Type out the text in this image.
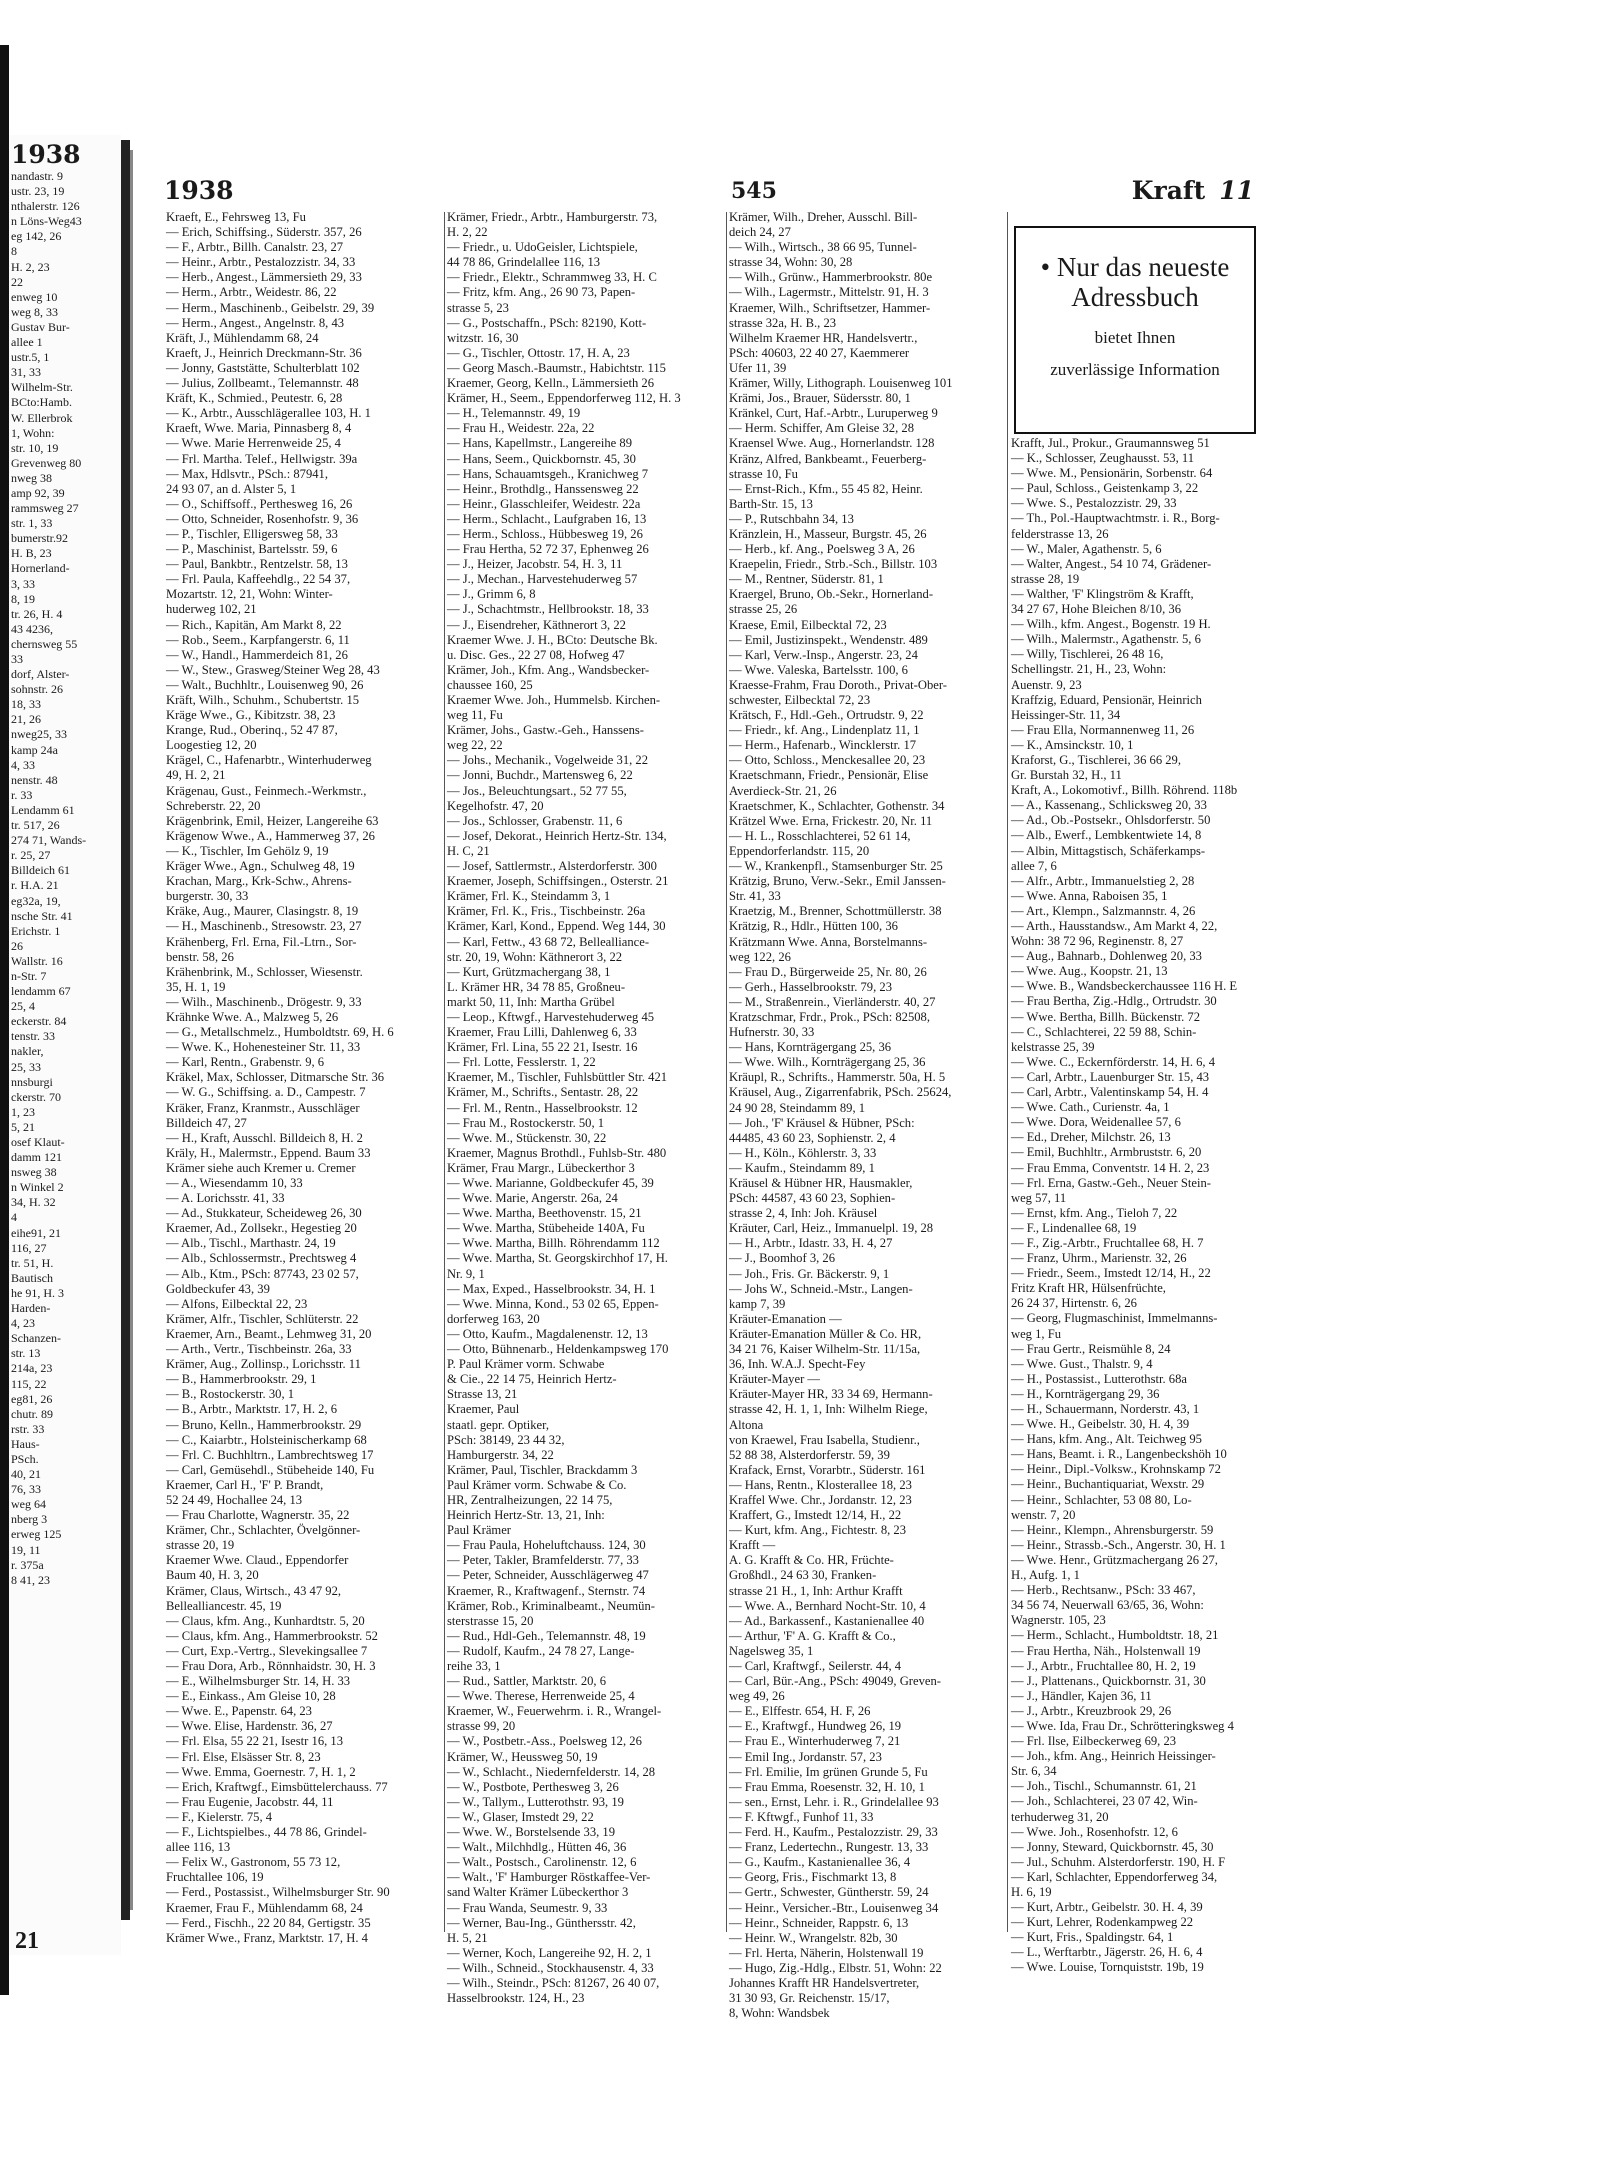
1938
nandastr. 9
ustr. 23, 19
nthalerstr. 126
n Löns-Weg43
eg 142, 26
8
H. 2, 23
22
enweg 10
weg 8, 33
Gustav Bur-
allee 1
ustr.5, 1
31, 33
Wilhelm-Str.
BCto:Hamb.
W. Ellerbrok
1, Wohn:
str. 10, 19
Grevenweg 80
nweg 38
amp 92, 39
rammsweg 27
str. 1, 33
bumerstr.92
H. B, 23
Hornerland-
3, 33
8, 19
tr. 26, H. 4
43 4236,
chernsweg 55
33
dorf, Alster-
sohnstr. 26
18, 33
21, 26
nweg25, 33
kamp 24a
4, 33
nenstr. 48
r. 33
Lendamm 61
tr. 517, 26
274 71, Wands-
r. 25, 27
Billdeich 61
r. H.A. 21
eg32a, 19,
nsche Str. 41
Erichstr. 1
26
Wallstr. 16
n-Str. 7
lendamm 67
25, 4
eckerstr. 84
tenstr. 33
nakler,
25, 33
nnsburgi
ckerstr. 70
1, 23
5, 21
osef Klaut-
damm 121
nsweg 38
n Winkel 2
34, H. 32
4
eihe91, 21
116, 27
tr. 51, H.
Bautisch
he 91, H. 3
Harden-
4, 23
Schanzen-
str. 13
214a, 23
115, 22
eg81, 26
chutr. 89
rstr. 33
Haus-
PSch.
40, 21
76, 33
weg 64
nberg 3
erweg 125
19, 11
r. 375a
8 41, 23
21
1938	545	Kraft 11
Kraeft, E., Fehrsweg 13, Fu
— Erich, Schiffsing., Süderstr. 357, 26
— F., Arbtr., Billh. Canalstr. 23, 27
— Heinr., Arbtr., Pestalozzistr. 34, 33
— Herb., Angest., Lämmersieth 29, 33
— Herm., Arbtr., Weidestr. 86, 22
— Herm., Maschinenb., Geibelstr. 29, 39
— Herm., Angest., Angelnstr. 8, 43
Kräft, J., Mühlendamm 68, 24
Kraeft, J., Heinrich Dreckmann-Str. 36
— Jonny, Gaststätte, Schulterblatt 102
— Julius, Zollbeamt., Telemannstr. 48
Kräft, K., Schmied., Peutestr. 6, 28
— K., Arbtr., Ausschlägerallee 103, H. 1
Kraeft, Wwe. Maria, Pinnasberg 8, 4
— Wwe. Marie Herrenweide 25, 4
— Frl. Martha. Telef., Hellwigstr. 39a
— Max, Hdlsvtr., PSch.: 87941,
24 93 07, an d. Alster 5, 1
— O., Schiffsoff., Perthesweg 16, 26
— Otto, Schneider, Rosenhofstr. 9, 36
— P., Tischler, Elligersweg 58, 33
— P., Maschinist, Bartelsstr. 59, 6
— Paul, Bankbtr., Rentzelstr. 58, 13
— Frl. Paula, Kaffeehdlg., 22 54 37,
Mozartstr. 12, 21, Wohn: Winter-
huderweg 102, 21
— Rich., Kapitän, Am Markt 8, 22
— Rob., Seem., Karpfangerstr. 6, 11
— W., Handl., Hammerdeich 81, 26
— W., Stew., Grasweg/Steiner Weg 28, 43
— Walt., Buchhltr., Louisenweg 90, 26
Kräft, Wilh., Schuhm., Schubertstr. 15
Kräge Wwe., G., Kibitzstr. 38, 23
Krange, Rud., Oberinq., 52 47 87,
Loogestieg 12, 20
Krägel, C., Hafenarbtr., Winterhuderweg
49, H. 2, 21
Krägenau, Gust., Feinmech.-Werkmstr.,
Schreberstr. 22, 20
Krägenbrink, Emil, Heizer, Langereihe 63
Krägenow Wwe., A., Hammerweg 37, 26
— K., Tischler, Im Gehölz 9, 19
Kräger Wwe., Agn., Schulweg 48, 19
Krachan, Marg., Krk-Schw., Ahrens-
burgerstr. 30, 33
Kräke, Aug., Maurer, Clasingstr. 8, 19
— H., Maschinenb., Stresowstr. 23, 27
Krähenberg, Frl. Erna, Fil.-Ltrn., Sor-
benstr. 58, 26
Krähenbrink, M., Schlosser, Wiesenstr.
35, H. 1, 19
— Wilh., Maschinenb., Drögestr. 9, 33
Krähnke Wwe. A., Malzweg 5, 26
— G., Metallschmelz., Humboldtstr. 69, H. 6
— Wwe. K., Hohenesteiner Str. 11, 33
— Karl, Rentn., Grabenstr. 9, 6
Kräkel, Max, Schlosser, Ditmarsche Str. 36
— W. G., Schiffsing. a. D., Campestr. 7
Kräker, Franz, Kranmstr., Ausschläger
Billdeich 47, 27
— H., Kraft, Ausschl. Billdeich 8, H. 2
Kräly, H., Malermstr., Eppend. Baum 33
Krämer siehe auch Kremer u. Cremer
— A., Wiesendamm 10, 33
— A. Lorichsstr. 41, 33
— Ad., Stukkateur, Scheideweg 26, 30
Kraemer, Ad., Zollsekr., Hegestieg 20
— Alb., Tischl., Marthastr. 24, 19
— Alb., Schlossermstr., Prechtsweg 4
— Alb., Ktm., PSch: 87743, 23 02 57,
Goldbeckufer 43, 39
— Alfons, Eilbecktal 22, 23
Krämer, Alfr., Tischler, Schlüterstr. 22
Kraemer, Arn., Beamt., Lehmweg 31, 20
— Arth., Vertr., Tischbeinstr. 26a, 33
Krämer, Aug., Zollinsp., Lorichsstr. 11
— B., Hammerbrookstr. 29, 1
— B., Rostockerstr. 30, 1
— B., Arbtr., Marktstr. 17, H. 2, 6
— Bruno, Kelln., Hammerbrookstr. 29
— C., Kaiarbtr., Holsteinischerkamp 68
— Frl. C. Buchhltrn., Lambrechtsweg 17
— Carl, Gemüsehdl., Stübeheide 140, Fu
Kraemer, Carl H., 'F' P. Brandt,
52 24 49, Hochallee 24, 13
— Frau Charlotte, Wagnerstr. 35, 22
Krämer, Chr., Schlachter, Övelgönner-
strasse 20, 19
Kraemer Wwe. Claud., Eppendorfer
Baum 40, H. 3, 20
Krämer, Claus, Wirtsch., 43 47 92,
Bellealliancestr. 45, 19
— Claus, kfm. Ang., Kunhardtstr. 5, 20
— Claus, kfm. Ang., Hammerbrookstr. 52
— Curt, Exp.-Vertrg., Slevekingsallee 7
— Frau Dora, Arb., Rönnhaidstr. 30, H. 3
— E., Wilhelmsburger Str. 14, H. 33
— E., Einkass., Am Gleise 10, 28
— Wwe. E., Papenstr. 64, 23
— Wwe. Elise, Hardenstr. 36, 27
— Frl. Elsa, 55 22 21, Isestr 16, 13
— Frl. Else, Elsässer Str. 8, 23
— Wwe. Emma, Goernestr. 7, H. 1, 2
— Erich, Kraftwgf., Eimsbüttelerchauss. 77
— Frau Eugenie, Jacobstr. 44, 11
— F., Kielerstr. 75, 4
— F., Lichtspielbes., 44 78 86, Grindel-
allee 116, 13
— Felix W., Gastronom, 55 73 12,
Fruchtallee 106, 19
— Ferd., Postassist., Wilhelmsburger Str. 90
Kraemer, Frau F., Mühlendamm 68, 24
— Ferd., Fischh., 22 20 84, Gertigstr. 35
Krämer Wwe., Franz, Marktstr. 17, H. 4
Krämer, Friedr., Arbtr., Hamburgerstr. 73,
H. 2, 22
— Friedr., u. UdoGeisler, Lichtspiele,
44 78 86, Grindelallee 116, 13
— Friedr., Elektr., Schrammweg 33, H. C
— Fritz, kfm. Ang., 26 90 73, Papen-
strasse 5, 23
— G., Postschaffn., PSch: 82190, Kott-
witzstr. 16, 30
— G., Tischler, Ottostr. 17, H. A, 23
— Georg Masch.-Baumstr., Habichtstr. 115
Kraemer, Georg, Kelln., Lämmersieth 26
Krämer, H., Seem., Eppendorferweg 112, H. 3
— H., Telemannstr. 49, 19
— Frau H., Weidestr. 22a, 22
— Hans, Kapellmstr., Langereihe 89
— Hans, Seem., Quickbornstr. 45, 30
— Hans, Schauamtsgeh., Kranichweg 7
— Heinr., Brothdlg., Hanssensweg 22
— Heinr., Glasschleifer, Weidestr. 22a
— Herm., Schlacht., Laufgraben 16, 13
— Herm., Schloss., Hübbesweg 19, 26
— Frau Hertha, 52 72 37, Ephenweg 26
— J., Heizer, Jacobstr. 54, H. 3, 11
— J., Mechan., Harvestehuderweg 57
— J., Grimm 6, 8
— J., Schachtmstr., Hellbrookstr. 18, 33
— J., Eisendreher, Käthnerort 3, 22
Kraemer Wwe. J. H., BCto: Deutsche Bk.
u. Disc. Ges., 22 27 08, Hofweg 47
Krämer, Joh., Kfm. Ang., Wandsbecker-
chaussee 160, 25
Kraemer Wwe. Joh., Hummelsb. Kirchen-
weg 11, Fu
Krämer, Johs., Gastw.-Geh., Hanssens-
weg 22, 22
— Johs., Mechanik., Vogelweide 31, 22
— Jonni, Buchdr., Martensweg 6, 22
— Jos., Beleuchtungsart., 52 77 55,
Kegelhofstr. 47, 20
— Jos., Schlosser, Grabenstr. 11, 6
— Josef, Dekorat., Heinrich Hertz-Str. 134,
H. C, 21
— Josef, Sattlermstr., Alsterdorferstr. 300
Kraemer, Joseph, Schiffsingen., Osterstr. 21
Krämer, Frl. K., Steindamm 3, 1
Krämer, Frl. K., Fris., Tischbeinstr. 26a
Krämer, Karl, Kond., Eppend. Weg 144, 30
— Karl, Fettw., 43 68 72, Bellealliance-
str. 20, 19, Wohn: Käthnerort 3, 22
— Kurt, Grützmachergang 38, 1
L. Krämer HR, 34 78 85, Großneu-
markt 50, 11, Inh: Martha Grübel
— Leop., Kftwgf., Harvestehuderweg 45
Kraemer, Frau Lilli, Dahlenweg 6, 33
Krämer, Frl. Lina, 55 22 21, Isestr. 16
— Frl. Lotte, Fesslerstr. 1, 22
Kraemer, M., Tischler, Fuhlsbüttler Str. 421
Krämer, M., Schrifts., Sentastr. 28, 22
— Frl. M., Rentn., Hasselbrookstr. 12
— Frau M., Rostockerstr. 50, 1
— Wwe. M., Stückenstr. 30, 22
Kraemer, Magnus Brothdl., Fuhlsb-Str. 480
Krämer, Frau Margr., Lübeckerthor 3
— Wwe. Marianne, Goldbeckufer 45, 39
— Wwe. Marie, Angerstr. 26a, 24
— Wwe. Martha, Beethovenstr. 15, 21
— Wwe. Martha, Stübeheide 140A, Fu
— Wwe. Martha, Billh. Röhrendamm 112
— Wwe. Martha, St. Georgskirchhof 17, H.
Nr. 9, 1
— Max, Exped., Hasselbrookstr. 34, H. 1
— Wwe. Minna, Kond., 53 02 65, Eppen-
dorferweg 163, 20
— Otto, Kaufm., Magdalenenstr. 12, 13
— Otto, Bühnenarb., Heldenkampsweg 170
P. Paul Krämer vorm. Schwabe
& Cie., 22 14 75, Heinrich Hertz-
Strasse 13, 21
Kraemer, Paul
staatl. gepr. Optiker,
PSch: 38149, 23 44 32,
Hamburgerstr. 34, 22
Krämer, Paul, Tischler, Brackdamm 3
Paul Krämer vorm. Schwabe & Co.
HR, Zentralheizungen, 22 14 75,
Heinrich Hertz-Str. 13, 21, Inh:
Paul Krämer
— Frau Paula, Hoheluftchauss. 124, 30
— Peter, Takler, Bramfelderstr. 77, 33
— Peter, Schneider, Ausschlägerweg 47
Kraemer, R., Kraftwagenf., Sternstr. 74
Krämer, Rob., Kriminalbeamt., Neumün-
sterstrasse 15, 20
— Rud., Hdl-Geh., Telemannstr. 48, 19
— Rudolf, Kaufm., 24 78 27, Lange-
reihe 33, 1
— Rud., Sattler, Marktstr. 20, 6
— Wwe. Therese, Herrenweide 25, 4
Kraemer, W., Feuerwehrm. i. R., Wrangel-
strasse 99, 20
— W., Postbetr.-Ass., Poelsweg 12, 26
Krämer, W., Heussweg 50, 19
— W., Schlacht., Niedernfelderstr. 14, 28
— W., Postbote, Perthesweg 3, 26
— W., Tallym., Lutterothstr. 93, 19
— W., Glaser, Imstedt 29, 22
— Wwe. W., Borstelsende 33, 19
— Walt., Milchhdlg., Hütten 46, 36
— Walt., Postsch., Carolinenstr. 12, 6
— Walt., 'F' Hamburger Röstkaffee-Ver-
sand Walter Krämer Lübeckerthor 3
— Frau Wanda, Seumestr. 9, 33
— Werner, Bau-Ing., Günthersstr. 42,
H. 5, 21
— Werner, Koch, Langereihe 92, H. 2, 1
— Wilh., Schneid., Stockhausenstr. 4, 33
— Wilh., Steindr., PSch: 81267, 26 40 07,
Hasselbrookstr. 124, H., 23
Krämer, Wilh., Dreher, Ausschl. Bill-
deich 24, 27
— Wilh., Wirtsch., 38 66 95, Tunnel-
strasse 34, Wohn: 30, 28
— Wilh., Grünw., Hammerbrookstr. 80e
— Wilh., Lagermstr., Mittelstr. 91, H. 3
Kraemer, Wilh., Schriftsetzer, Hammer-
strasse 32a, H. B., 23
Wilhelm Kraemer HR, Handelsvertr.,
PSch: 40603, 22 40 27, Kaemmerer
Ufer 11, 39
Krämer, Willy, Lithograph. Louisenweg 101
Krämi, Jos., Brauer, Südersstr. 80, 1
Kränkel, Curt, Haf.-Arbtr., Luruperweg 9
— Herm. Schiffer, Am Gleise 32, 28
Kraensel Wwe. Aug., Hornerlandstr. 128
Kränz, Alfred, Bankbeamt., Feuerberg-
strasse 10, Fu
— Ernst-Rich., Kfm., 55 45 82, Heinr.
Barth-Str. 15, 13
— P., Rutschbahn 34, 13
Kränzlein, H., Masseur, Burgstr. 45, 26
— Herb., kf. Ang., Poelsweg 3 A, 26
Kraepelin, Friedr., Strb.-Sch., Billstr. 103
— M., Rentner, Süderstr. 81, 1
Kraergel, Bruno, Ob.-Sekr., Hornerland-
strasse 25, 26
Kraese, Emil, Eilbecktal 72, 23
— Emil, Justizinspekt., Wendenstr. 489
— Karl, Verw.-Insp., Angerstr. 23, 24
— Wwe. Valeska, Bartelsstr. 100, 6
Kraesse-Frahm, Frau Doroth., Privat-Ober-
schwester, Eilbecktal 72, 23
Krätsch, F., Hdl.-Geh., Ortrudstr. 9, 22
— Friedr., kf. Ang., Lindenplatz 11, 1
— Herm., Hafenarb., Wincklerstr. 17
— Otto, Schloss., Menckesallee 20, 23
Kraetschmann, Friedr., Pensionär, Elise
Averdieck-Str. 21, 26
Kraetschmer, K., Schlachter, Gothenstr. 34
Krätzel Wwe. Erna, Frickestr. 20, Nr. 11
— H. L., Rosschlachterei, 52 61 14,
Eppendorferlandstr. 115, 20
— W., Krankenpfl., Stamsenburger Str. 25
Krätzig, Bruno, Verw.-Sekr., Emil Janssen-
Str. 41, 33
Kraetzig, M., Brenner, Schottmüllerstr. 38
Krätzig, R., Hdlr., Hütten 100, 36
Krätzmann Wwe. Anna, Borstelmanns-
weg 122, 26
— Frau D., Bürgerweide 25, Nr. 80, 26
— Gerh., Hasselbrookstr. 79, 23
— M., Straßenrein., Vierländerstr. 40, 27
Kratzschmar, Frdr., Prok., PSch: 82508,
Hufnerstr. 30, 33
— Hans, Kornträgergang 25, 36
— Wwe. Wilh., Kornträgergang 25, 36
Kräupl, R., Schrifts., Hammerstr. 50a, H. 5
Kräusel, Aug., Zigarrenfabrik, PSch. 25624,
24 90 28, Steindamm 89, 1
— Joh., 'F' Kräusel & Hübner, PSch:
44485, 43 60 23, Sophienstr. 2, 4
— H., Köln., Köhlerstr. 3, 33
— Kaufm., Steindamm 89, 1
Kräusel & Hübner HR, Hausmakler,
PSch: 44587, 43 60 23, Sophien-
strasse 2, 4, Inh: Joh. Kräusel
Kräuter, Carl, Heiz., Immanuelpl. 19, 28
— H., Arbtr., Idastr. 33, H. 4, 27
— J., Boomhof 3, 26
— Joh., Fris. Gr. Bäckerstr. 9, 1
— Johs W., Schneid.-Mstr., Langen-
kamp 7, 39
Kräuter-Emanation —
Kräuter-Emanation Müller & Co. HR,
34 21 76, Kaiser Wilhelm-Str. 11/15a,
36, Inh. W.A.J. Specht-Fey
Kräuter-Mayer —
Kräuter-Mayer HR, 33 34 69, Hermann-
strasse 42, H. 1, 1, Inh: Wilhelm Riege,
Altona
von Kraewel, Frau Isabella, Studienr.,
52 88 38, Alsterdorferstr. 59, 39
Krafack, Ernst, Vorarbtr., Süderstr. 161
— Hans, Rentn., Klosterallee 18, 23
Kraffel Wwe. Chr., Jordanstr. 12, 23
Kraffert, G., Imstedt 12/14, H., 22
— Kurt, kfm. Ang., Fichtestr. 8, 23
Krafft —
A. G. Krafft & Co. HR, Früchte-
Großhdl., 24 63 30, Franken-
strasse 21 H., 1, Inh: Arthur Krafft
— Wwe. A., Bernhard Nocht-Str. 10, 4
— Ad., Barkassenf., Kastanienallee 40
— Arthur, 'F' A. G. Krafft & Co.,
Nagelsweg 35, 1
— Carl, Kraftwgf., Seilerstr. 44, 4
— Carl, Bür.-Ang., PSch: 49049, Greven-
weg 49, 26
— E., Elffestr. 654, H. F, 26
— E., Kraftwgf., Hundweg 26, 19
— Frau E., Winterhuderweg 7, 21
— Emil Ing., Jordanstr. 57, 23
— Frl. Emilie, Im grünen Grunde 5, Fu
— Frau Emma, Roesenstr. 32, H. 10, 1
— sen., Ernst, Lehr. i. R., Grindelallee 93
— F. Kftwgf., Funhof 11, 33
— Ferd. H., Kaufm., Pestalozzistr. 29, 33
— Franz, Ledertechn., Rungestr. 13, 33
— G., Kaufm., Kastanienallee 36, 4
— Georg, Fris., Fischmarkt 13, 8
— Gertr., Schwester, Güntherstr. 59, 24
— Heinr., Versicher.-Btr., Louisenweg 34
— Heinr., Schneider, Rappstr. 6, 13
— Heinr. W., Wrangelstr. 82b, 30
— Frl. Herta, Näherin, Holstenwall 19
— Hugo, Zig.-Hdlg., Elbstr. 51, Wohn: 22
Johannes Krafft HR Handelsvertreter,
31 30 93, Gr. Reichenstr. 15/17,
8, Wohn: Wandsbek
• Nur das neueste
Adressbuch
bietet Ihnen
zuverlässige Information
Krafft, Jul., Prokur., Graumannsweg 51
— K., Schlosser, Zeughausst. 53, 11
— Wwe. M., Pensionärin, Sorbenstr. 64
— Paul, Schloss., Geistenkamp 3, 22
— Wwe. S., Pestalozzistr. 29, 33
— Th., Pol.-Hauptwachtmstr. i. R., Borg-
felderstrasse 13, 26
— W., Maler, Agathenstr. 5, 6
— Walter, Angest., 54 10 74, Grädener-
strasse 28, 19
— Walther, 'F' Klingström & Krafft,
34 27 67, Hohe Bleichen 8/10, 36
— Wilh., kfm. Angest., Bogenstr. 19 H.
— Wilh., Malermstr., Agathenstr. 5, 6
— Willy, Tischlerei, 26 48 16,
Schellingstr. 21, H., 23, Wohn:
Auenstr. 9, 23
Kraffzig, Eduard, Pensionär, Heinrich
Heissinger-Str. 11, 34
— Frau Ella, Normannenweg 11, 26
— K., Amsinckstr. 10, 1
Kraforst, G., Tischlerei, 36 66 29,
Gr. Burstah 32, H., 11
Kraft, A., Lokomotivf., Billh. Röhrend. 118b
— A., Kassenang., Schlicksweg 20, 33
— Ad., Ob.-Postsekr., Ohlsdorferstr. 50
— Alb., Ewerf., Lembkentwiete 14, 8
— Albin, Mittagstisch, Schäferkamps-
allee 7, 6
— Alfr., Arbtr., Immanuelstieg 2, 28
— Wwe. Anna, Raboisen 35, 1
— Art., Klempn., Salzmannstr. 4, 26
— Arth., Hausstandsw., Am Markt 4, 22,
Wohn: 38 72 96, Reginenstr. 8, 27
— Aug., Bahnarb., Dohlenweg 20, 33
— Wwe. Aug., Koopstr. 21, 13
— Wwe. B., Wandsbeckerchaussee 116 H. E
— Frau Bertha, Zig.-Hdlg., Ortrudstr. 30
— Wwe. Bertha, Billh. Bückenstr. 72
— C., Schlachterei, 22 59 88, Schin-
kelstrasse 25, 39
— Wwe. C., Eckernförderstr. 14, H. 6, 4
— Carl, Arbtr., Lauenburger Str. 15, 43
— Carl, Arbtr., Valentinskamp 54, H. 4
— Wwe. Cath., Curienstr. 4a, 1
— Wwe. Dora, Weidenallee 57, 6
— Ed., Dreher, Milchstr. 26, 13
— Emil, Buchhltr., Armbruststr. 6, 20
— Frau Emma, Conventstr. 14 H. 2, 23
— Frl. Erna, Gastw.-Geh., Neuer Stein-
weg 57, 11
— Ernst, kfm. Ang., Tieloh 7, 22
— F., Lindenallee 68, 19
— F., Zig.-Arbtr., Fruchtallee 68, H. 7
— Franz, Uhrm., Marienstr. 32, 26
— Friedr., Seem., Imstedt 12/14, H., 22
Fritz Kraft HR, Hülsenfrüchte,
26 24 37, Hirtenstr. 6, 26
— Georg, Flugmaschinist, Immelmanns-
weg 1, Fu
— Frau Gertr., Reismühle 8, 24
— Wwe. Gust., Thalstr. 9, 4
— H., Postassist., Lutterothstr. 68a
— H., Kornträgergang 29, 36
— H., Schauermann, Norderstr. 43, 1
— Wwe. H., Geibelstr. 30, H. 4, 39
— Hans, kfm. Ang., Alt. Teichweg 95
— Hans, Beamt. i. R., Langenbeckshöh 10
— Heinr., Dipl.-Volksw., Krohnskamp 72
— Heinr., Buchantiquariat, Wexstr. 29
— Heinr., Schlachter, 53 08 80, Lo-
wenstr. 7, 20
— Heinr., Klempn., Ahrensburgerstr. 59
— Heinr., Strassb.-Sch., Angerstr. 30, H. 1
— Wwe. Henr., Grützmachergang 26 27,
H., Aufg. 1, 1
— Herb., Rechtsanw., PSch: 33 467,
34 56 74, Neuerwall 63/65, 36, Wohn:
Wagnerstr. 105, 23
— Herm., Schlacht., Humboldtstr. 18, 21
— Frau Hertha, Näh., Holstenwall 19
— J., Arbtr., Fruchtallee 80, H. 2, 19
— J., Plattenans., Quickbornstr. 31, 30
— J., Händler, Kajen 36, 11
— J., Arbtr., Kreuzbrook 29, 26
— Wwe. Ida, Frau Dr., Schrötteringksweg 4
— Frl. Ilse, Eilbeckerweg 69, 23
— Joh., kfm. Ang., Heinrich Heissinger-
Str. 6, 34
— Joh., Tischl., Schumannstr. 61, 21
— Joh., Schlachterei, 23 07 42, Win-
terhuderweg 31, 20
— Wwe. Joh., Rosenhofstr. 12, 6
— Jonny, Steward, Quickbornstr. 45, 30
— Jul., Schuhm. Alsterdorferstr. 190, H. F
— Karl, Schlachter, Eppendorferweg 34,
H. 6, 19
— Kurt, Arbtr., Geibelstr. 30. H. 4, 39
— Kurt, Lehrer, Rodenkampweg 22
— Kurt, Fris., Spaldingstr. 64, 1
— L., Werftarbtr., Jägerstr. 26, H. 6, 4
— Wwe. Louise, Tornquiststr. 19b, 19
